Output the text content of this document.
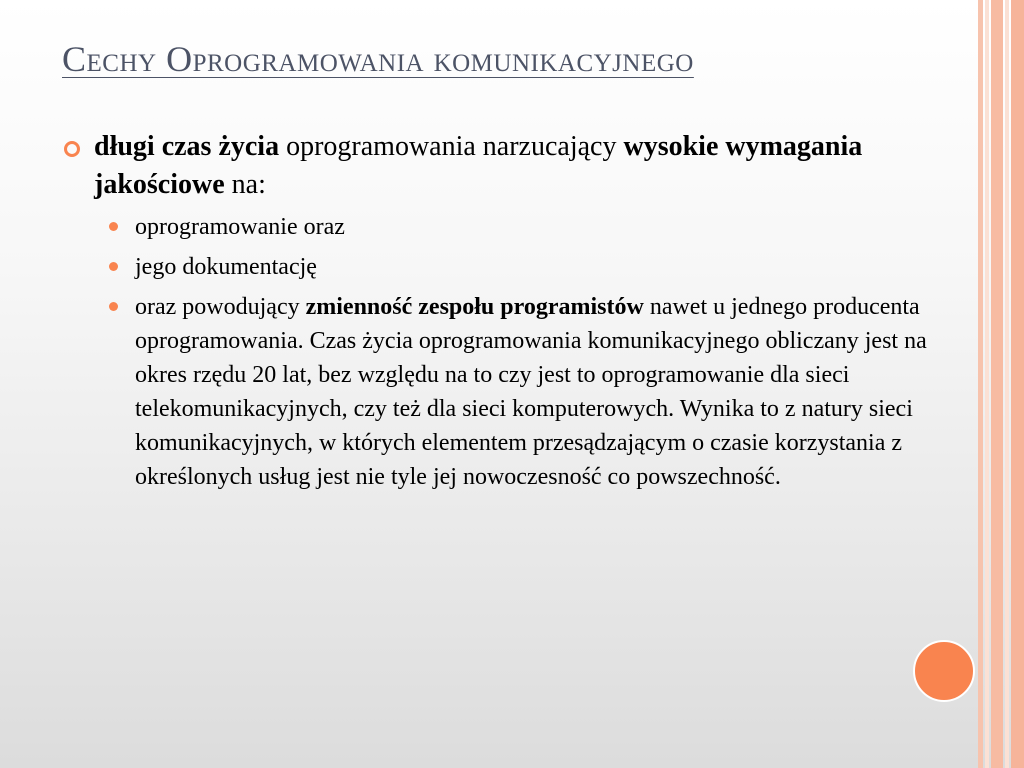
Cechy Oprogramowania komunikacyjnego

długi czas życia oprogramowania narzucający wysokie wymagania jakościowe na:

oprogramowanie oraz

jego dokumentację

oraz powodujący zmienność zespołu programistów nawet u jednego producenta oprogramowania. Czas życia oprogramowania komunikacyjnego obliczany jest na okres rzędu 20 lat, bez względu na to czy jest to oprogramowanie dla sieci telekomunikacyjnych, czy też dla sieci komputerowych. Wynika to z natury sieci komunikacyjnych, w których elementem przesądzającym o czasie korzystania z określonych usług jest nie tyle jej nowoczesność co powszechność.
